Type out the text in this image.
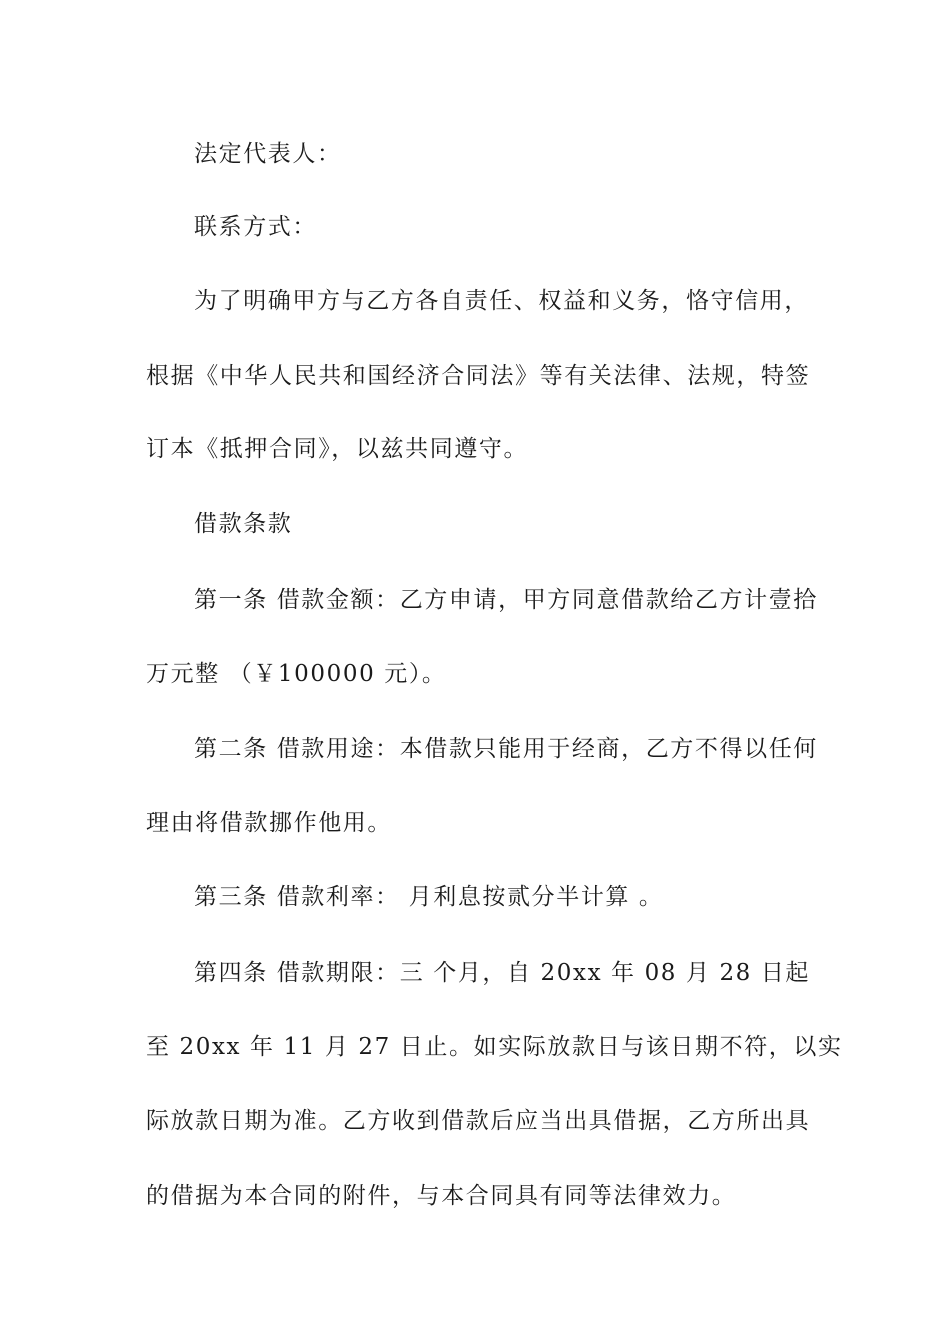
法定代表人：
联系方式：
为了明确甲方与乙方各自责任、权益和义务，恪守信用，
根据《中华人民共和国经济合同法》等有关法律、法规，特签
订本《抵押合同》，以兹共同遵守。
借款条款
第一条 借款金额：乙方申请，甲方同意借款给乙方计壹拾
万元整 （￥100000 元）。
第二条 借款用途：本借款只能用于经商，乙方不得以任何
理由将借款挪作他用。
第三条 借款利率： 月利息按贰分半计算 。
第四条 借款期限：三 个月，自 20xx 年 08 月 28 日起
至 20xx 年 11 月 27 日止。如实际放款日与该日期不符，以实
际放款日期为准。乙方收到借款后应当出具借据，乙方所出具
的借据为本合同的附件，与本合同具有同等法律效力。
